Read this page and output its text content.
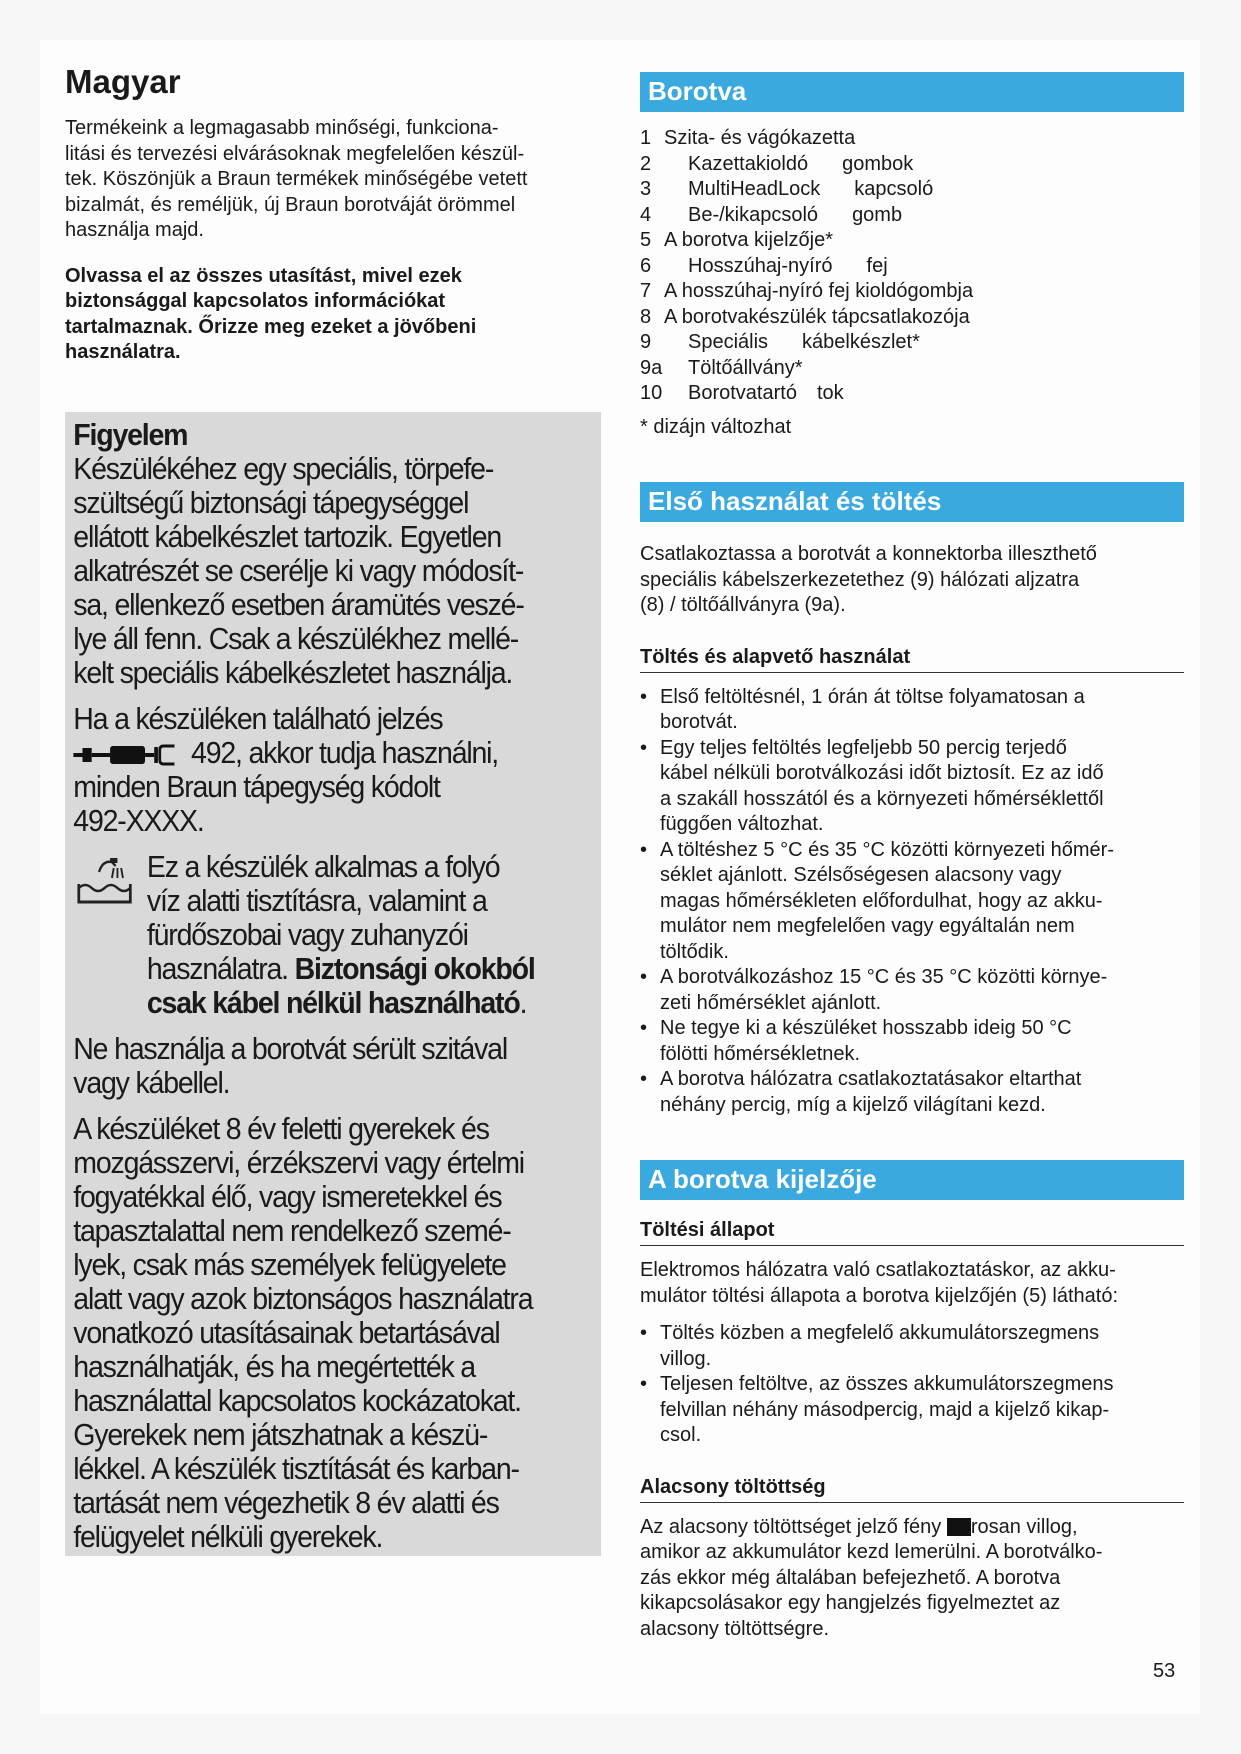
Magyar
Termékeink a legmagasabb minőségi, funkciona-
litási és tervezési elvárásoknak megfelelően készül-
tek. Köszönjük a Braun termékek minőségébe vetett
bizalmát, és reméljük, új Braun borotváját örömmel
használja majd.
Olvassa el az összes utasítást, mivel ezek
biztonsággal kapcsolatos információkat
tartalmaznak. Őrizze meg ezeket a jövőbeni
használatra.

Figyelem
Készülékéhez egy speciális, törpefe-
szültségű biztonsági tápegységgel
ellátott kábelkészlet tartozik. Egyetlen
alkatrészét se cserélje ki vagy módosít-
sa, ellenkező esetben áramütés veszé-
lye áll fenn. Csak a készülékhez mellé-
kelt speciális kábelkészletet használja.

Ha a készüléken található jelzés
492, akkor tudja használni,
minden Braun tápegység kódolt
492-XXXX.

Ez a készülék alkalmas a folyó
víz alatti tisztításra, valamint a
fürdőszobai vagy zuhanyzói
használatra. Biztonsági okokból
csak kábel nélkül használható.

Ne használja a borotvát sérült szitával
vagy kábellel.

A készüléket 8 év feletti gyerekek és
mozgásszervi, érzékszervi vagy értelmi
fogyatékkal élő, vagy ismeretekkel és
tapasztalattal nem rendelkező szemé-
lyek, csak más személyek felügyelete
alatt vagy azok biztonságos használatra
vonatkozó utasításainak betartásával
használhatják, és ha megértették a
használattal kapcsolatos kockázatokat.
Gyerekek nem játszhatnak a készü-
lékkel. A készülék tisztítását és karban-
tartását nem végezhetik 8 év alatti és
felügyelet nélküli gyerekek.

Borotva
1 Szita- és vágókazetta
2	Kazettakioldó gombok
3	MultiHeadLock kapcsoló
4	Be-/kikapcsoló gomb
5 A borotva kijelzője*
6	Hosszúhaj-nyíró fej
7 A hosszúhaj-nyíró fej kioldógombja
8 A borotvakészülék tápcsatlakozója
9	Speciális kábelkészlet*
9a	Töltőállvány*
10	Borotvatartó tok
* dizájn változhat
Első használat és töltés
Csatlakoztassa a borotvát a konnektorba illeszthető
speciális kábelszerkezetethez (9) hálózati aljzatra
(8) / töltőállványra (9a).
Töltés és alapvető használat
• Első feltöltésnél, 1 órán át töltse folyamatosan a
borotvát.
• Egy teljes feltöltés legfeljebb 50 percig terjedő
kábel nélküli borotválkozási időt biztosít. Ez az idő
a szakáll hosszától és a környezeti hőmérséklettől
függően változhat.
• A töltéshez 5 °C és 35 °C közötti környezeti hőmér-
séklet ajánlott. Szélsőségesen alacsony vagy
magas hőmérsékleten előfordulhat, hogy az akku-
mulátor nem megfelelően vagy egyáltalán nem
töltődik.
• A borotválkozáshoz 15 °C és 35 °C közötti környe-
zeti hőmérséklet ajánlott.
• Ne tegye ki a készüléket hosszabb ideig 50 °C
fölötti hőmérsékletnek.
• A borotva hálózatra csatlakoztatásakor eltarthat
néhány percig, míg a kijelző világítani kezd.
A borotva kijelzője
Töltési állapot
Elektromos hálózatra való csatlakoztatáskor, az akku-
mulátor töltési állapota a borotva kijelzőjén (5) látható:
• Töltés közben a megfelelő akkumulátorszegmens
villog.
• Teljesen feltöltve, az összes akkumulátorszegmens
felvillan néhány másodpercig, majd a kijelző kikap-
csol.
Alacsony töltöttség
Az alacsony töltöttséget jelző fény rosan villog,
amikor az akkumulátor kezd lemerülni. A borotválko-
zás ekkor még általában befejezhető. A borotva
kikapcsolásakor egy hangjelzés figyelmeztet az
alacsony töltöttségre.
53
